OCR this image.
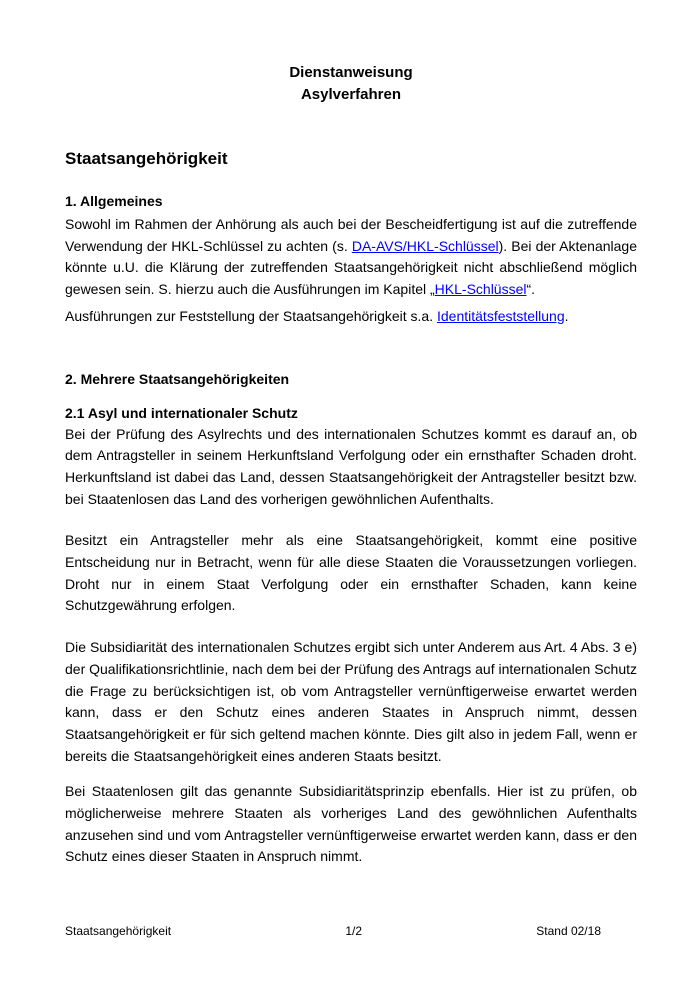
Dienstanweisung
Asylverfahren
Staatsangehörigkeit
1. Allgemeines

Sowohl im Rahmen der Anhörung als auch bei der Bescheidfertigung ist auf die zutreffende Verwendung der HKL-Schlüssel zu achten (s. DA-AVS/HKL-Schlüssel). Bei der Aktenanlage könnte u.U. die Klärung der zutreffenden Staatsangehörigkeit nicht abschließend möglich gewesen sein. S. hierzu auch die Ausführungen im Kapitel „HKL-Schlüssel“.

Ausführungen zur Feststellung der Staatsangehörigkeit s.a. Identitätsfeststellung.

2. Mehrere Staatsangehörigkeiten
2.1 Asyl und internationaler Schutz

Bei der Prüfung des Asylrechts und des internationalen Schutzes kommt es darauf an, ob dem Antragsteller in seinem Herkunftsland Verfolgung oder ein ernsthafter Schaden droht. Herkunftsland ist dabei das Land, dessen Staatsangehörigkeit der Antragsteller besitzt bzw. bei Staatenlosen das Land des vorherigen gewöhnlichen Aufenthalts.

Besitzt ein Antragsteller mehr als eine Staatsangehörigkeit, kommt eine positive Entscheidung nur in Betracht, wenn für alle diese Staaten die Voraussetzungen vorliegen. Droht nur in einem Staat Verfolgung oder ein ernsthafter Schaden, kann keine Schutzgewährung erfolgen.

Die Subsidiarität des internationalen Schutzes ergibt sich unter Anderem aus Art. 4 Abs. 3 e) der Qualifikationsrichtlinie, nach dem bei der Prüfung des Antrags auf internationalen Schutz die Frage zu berücksichtigen ist, ob vom Antragsteller vernünftigerweise erwartet werden kann, dass er den Schutz eines anderen Staates in Anspruch nimmt, dessen Staatsangehörigkeit er für sich geltend machen könnte. Dies gilt also in jedem Fall, wenn er bereits die Staatsangehörigkeit eines anderen Staats besitzt.

Bei Staatenlosen gilt das genannte Subsidiaritätsprinzip ebenfalls. Hier ist zu prüfen, ob möglicherweise mehrere Staaten als vorheriges Land des gewöhnlichen Aufenthalts anzusehen sind und vom Antragsteller vernünftigerweise erwartet werden kann, dass er den Schutz eines dieser Staaten in Anspruch nimmt.

Staatsangehörigkeit	1/2	Stand 02/18
